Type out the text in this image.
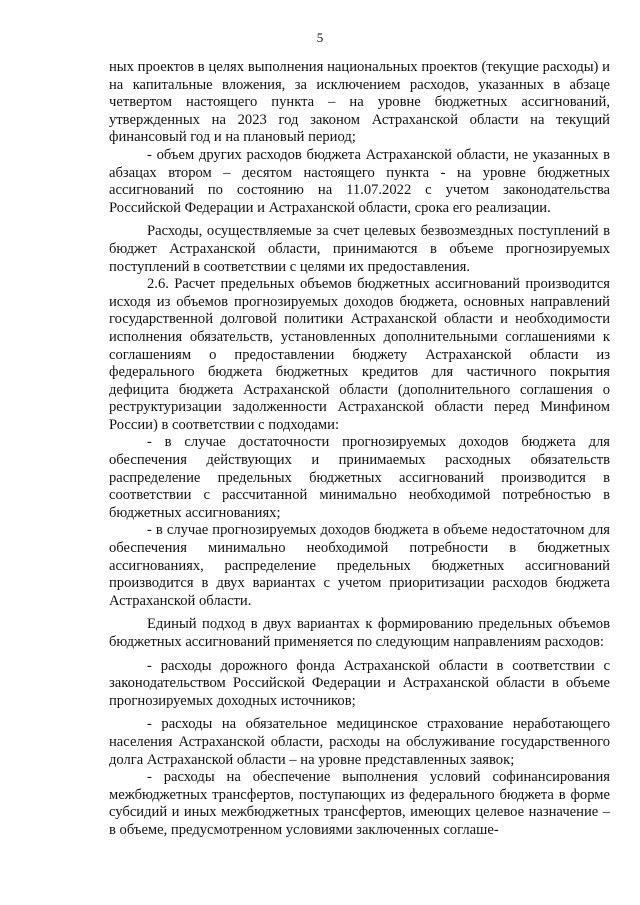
5

ных проектов в целях выполнения национальных проектов (текущие расходы) и на капитальные вложения, за исключением расходов, указанных в абзаце четвертом настоящего пункта – на уровне бюджетных ассигнований, утвержденных на 2023 год законом Астраханской области на текущий финансовый год и на плановый период;

- объем других расходов бюджета Астраханской области, не указанных в абзацах втором – десятом настоящего пункта - на уровне бюджетных ассигнований по состоянию на 11.07.2022 с учетом законодательства Российской Федерации и Астраханской области, срока его реализации.

Расходы, осуществляемые за счет целевых безвозмездных поступлений в бюджет Астраханской области, принимаются в объеме прогнозируемых поступлений в соответствии с целями их предоставления.

2.6. Расчет предельных объемов бюджетных ассигнований производится исходя из объемов прогнозируемых доходов бюджета, основных направлений государственной долговой политики Астраханской области и необходимости исполнения обязательств, установленных дополнительными соглашениями к соглашениям о предоставлении бюджету Астраханской области из федерального бюджета бюджетных кредитов для частичного покрытия дефицита бюджета Астраханской области (дополнительного соглашения о реструктуризации задолженности Астраханской области перед Минфином России) в соответствии с подходами:

- в случае достаточности прогнозируемых доходов бюджета для обеспечения действующих и принимаемых расходных обязательств распределение предельных бюджетных ассигнований производится в соответствии с рассчитанной минимально необходимой потребностью в бюджетных ассигнованиях;

- в случае прогнозируемых доходов бюджета в объеме недостаточном для обеспечения минимально необходимой потребности в бюджетных ассигнованиях, распределение предельных бюджетных ассигнований производится в двух вариантах с учетом приоритизации расходов бюджета Астраханской области.

Единый подход в двух вариантах к формированию предельных объемов бюджетных ассигнований применяется по следующим направлениям расходов:

- расходы дорожного фонда Астраханской области в соответствии с законодательством Российской Федерации и Астраханской области в объеме прогнозируемых доходных источников;

- расходы на обязательное медицинское страхование неработающего населения Астраханской области, расходы на обслуживание государственного долга Астраханской области – на уровне представленных заявок;

- расходы на обеспечение выполнения условий софинансирования межбюджетных трансфертов, поступающих из федерального бюджета в форме субсидий и иных межбюджетных трансфертов, имеющих целевое назначение – в объеме, предусмотренном условиями заключенных соглаше-
